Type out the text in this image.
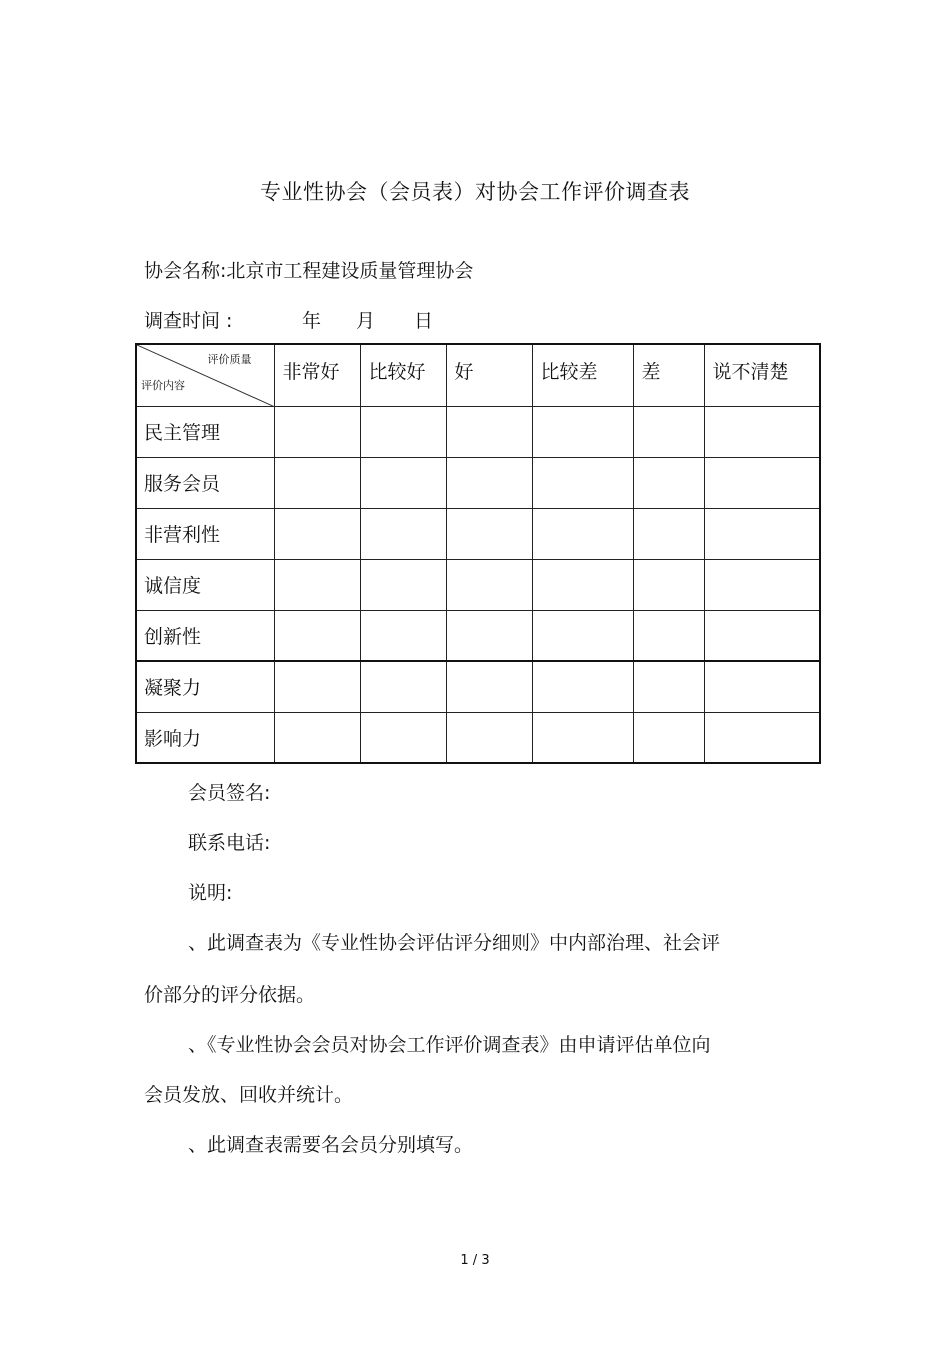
专业性协会（会员表）对协会工作评价调查表
协会名称:北京市工程建设质量管理协会
调查时间 :	年 月 日
评价质量
评价内容	非常好	比较好	好	比较差	差	说不清楚
民主管理						
服务会员						
非营利性						
诚信度						
创新性						
凝聚力						
影响力						
会员签名:
联系电话:
说明:
、此调查表为《专业性协会评估评分细则》中内部治理、社会评
价部分的评分依据。
、《专业性协会会员对协会工作评价调查表》由申请评估单位向
会员发放、回收并统计。
、此调查表需要名会员分别填写。
1 / 3
